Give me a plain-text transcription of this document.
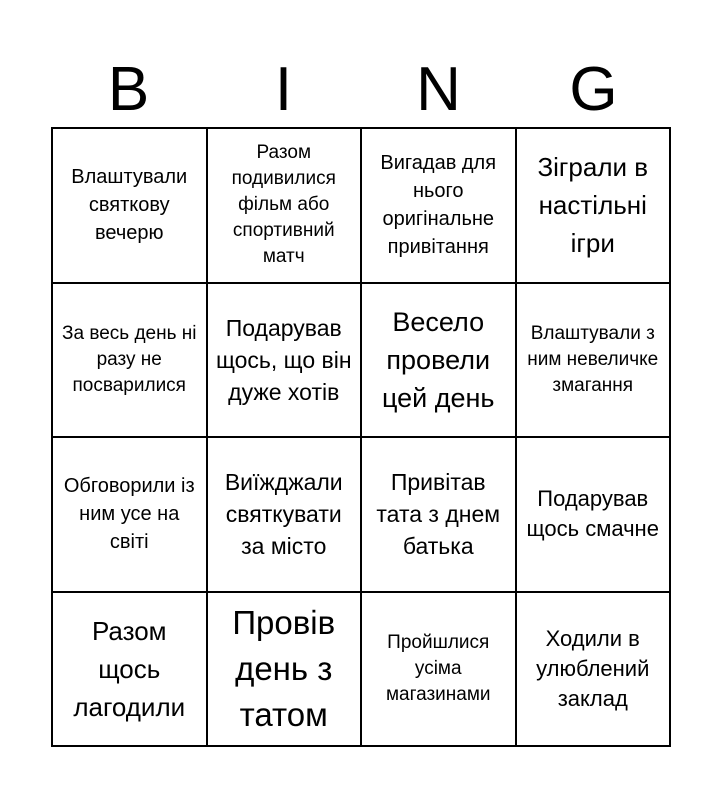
B	I	N	G
Влаштували святкову вечерю
Разом подивилися фільм або спортивний матч
Вигадав для нього оригінальне привітання
Зіграли в настільні ігри
За весь день ні разу не посварилися
Подарував щось, що він дуже хотів
Весело провели цей день
Влаштували з ним невеличке змагання
Обговорили із ним усе на світі
Виїжджали святкувати за місто
Привітав тата з днем батька
Подарував щось смачне
Разом щось лагодили
Провів день з татом
Пройшлися усіма магазинами
Ходили в улюблений заклад
